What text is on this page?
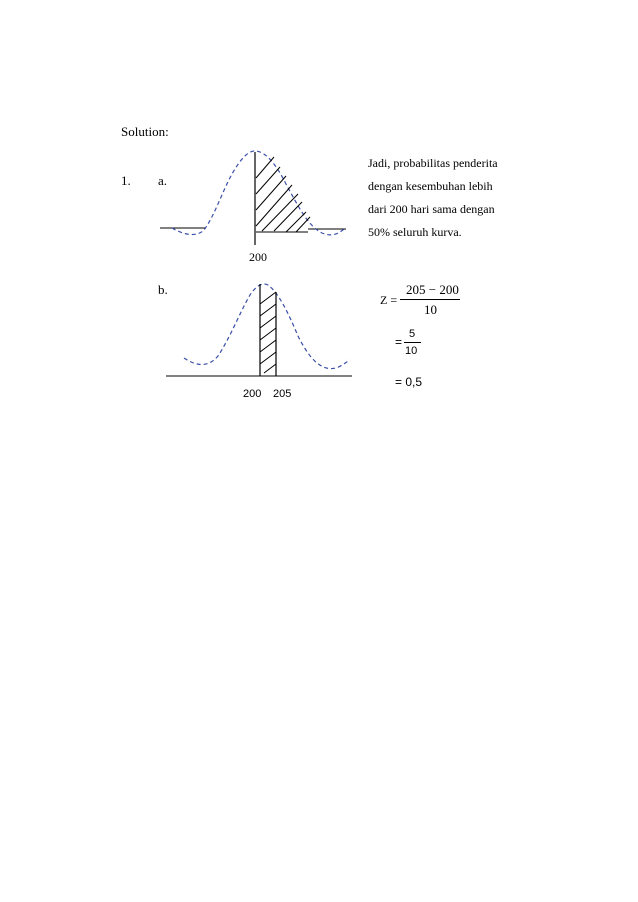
Solution:
1. a.
b.
200
200 205
Jadi, probabilitas penderita
dengan kesembuhan lebih
dari 200 hari sama dengan
50% seluruh kurva.
Z =
205 − 200
10
=
5
10
= 0,5
